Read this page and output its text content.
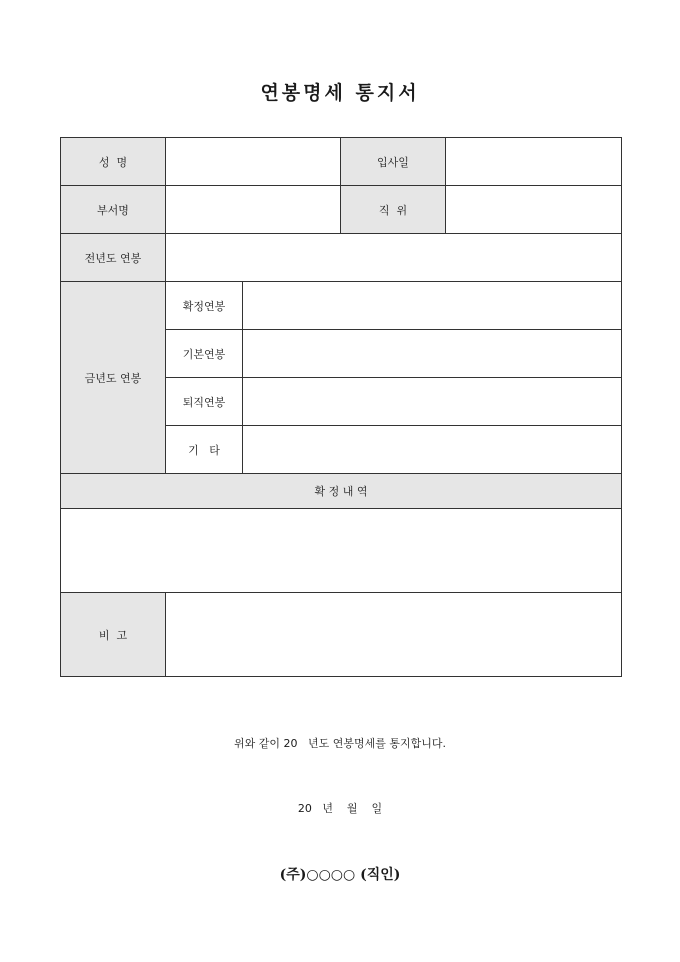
연봉명세 통지서
성  명			입사일	
부서명			직  위	
전년도 연봉				
금년도 연봉	확정연봉			
	기본연봉			
	퇴직연봉			
	기   타			
확 정 내 역				

비  고				
위와 같이 20   년도 연봉명세를 통지합니다.
20   년    월    일
(주)○○○○ (직인)
